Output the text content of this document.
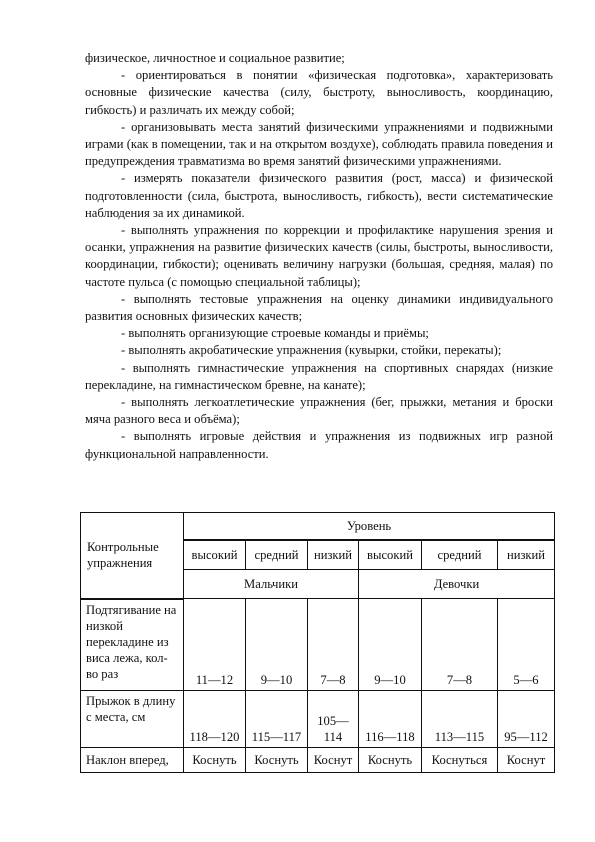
физическое, личностное и социальное развитие;

- ориентироваться в понятии «физическая подготовка», характеризовать основные физические качества (силу, быстроту, выносливость, координацию, гибкость) и различать их между собой;

- организовывать места занятий физическими упражнениями и подвижными играми (как в помещении, так и на открытом воздухе), соблюдать правила поведения и предупреждения травматизма во время занятий физическими упражнениями.

- измерять показатели физического развития (рост, масса) и физической подготовленности (сила, быстрота, выносливость, гибкость), вести систематические наблюдения за их динамикой.

- выполнять упражнения по коррекции и профилактике нарушения зрения и осанки, упражнения на развитие физических качеств (силы, быстроты, выносливости, координации, гибкости); оценивать величину нагрузки (большая, средняя, малая) по частоте пульса (с помощью специальной таблицы);

- выполнять тестовые упражнения на оценку динамики индивидуального развития основных физических качеств;

- выполнять организующие строевые команды и приёмы;

- выполнять акробатические упражнения (кувырки, стойки, перекаты);

- выполнять гимнастические упражнения на спортивных снарядах (низкие перекладине, на гимнастическом бревне, на канате);

- выполнять легкоатлетические упражнения (бег, прыжки, метания и броски мяча разного веса и объёма);

- выполнять игровые действия и упражнения из подвижных игр разной функциональной направленности.

Контрольные упражнения	Уровень					
	высокий	средний	низкий	высокий	средний	низкий
	Мальчики			Девочки		
Подтягивание на низкой перекладине из виса лежа, кол-во раз	11—12	9—10	7—8	9—10	7—8	5—6
Прыжок в длину с места, см	118—120	115—117	105—114	116—118	113—115	95—112
Наклон вперед,	Коснуть	Коснуть	Коснут	Коснуть	Коснуться	Коснут
